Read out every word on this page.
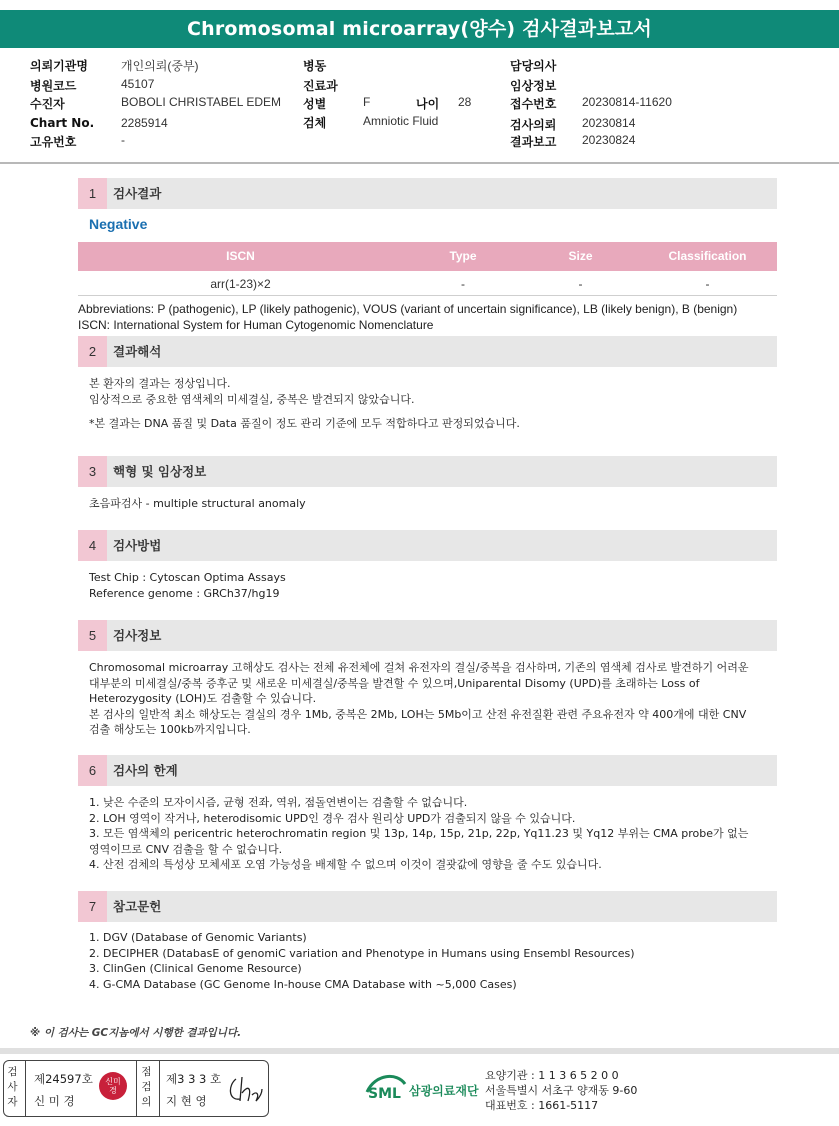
Chromosomal microarray(양수) 검사결과보고서
의뢰기관명	개인의뢰(중부)
병원코드	45107
수진자	BOBOLI CHRISTABEL EDEM
Chart No. 2285914
고유번호	-
병동
진료과
성별	F	나이 28
검체	Amniotic Fluid
담당의사
임상정보
접수번호 20230814-11620
검사의뢰 20230814
결과보고 20230824
1	검사결과
Negative
ISCN	Type	Size	Classification
arr(1-23)×2	-	-	-
Abbreviations: P (pathogenic), LP (likely pathogenic), VOUS (variant of uncertain significance), LB (likely benign), B (benign)
ISCN: International System for Human Cytogenomic Nomenclature
2	결과해석
본 환자의 결과는 정상입니다.
임상적으로 중요한 염색체의 미세결실, 중복은 발견되지 않았습니다.
*본 결과는 DNA 품질 및 Data 품질이 정도 관리 기준에 모두 적합하다고 판정되었습니다.
3	핵형 및 임상정보
초음파검사 - multiple structural anomaly
4	검사방법
Test Chip : Cytoscan Optima Assays
Reference genome : GRCh37/hg19
5	검사정보
Chromosomal microarray 고해상도 검사는 전체 유전체에 걸쳐 유전자의 결실/중복을 검사하며, 기존의 염색체 검사로 발견하기 어려운
대부분의 미세결실/중복 증후군 및 새로운 미세결실/중복을 발견할 수 있으며,Uniparental Disomy (UPD)를 초래하는 Loss of
Heterozygosity (LOH)도 검출할 수 있습니다.
본 검사의 일반적 최소 해상도는 결실의 경우 1Mb, 중복은 2Mb, LOH는 5Mb이고 산전 유전질환 관련 주요유전자 약 400개에 대한 CNV
검출 해상도는 100kb까지입니다.
6	검사의 한계
1. 낮은 수준의 모자이시즘, 균형 전좌, 역위, 점돌연변이는 검출할 수 없습니다.
2. LOH 영역이 작거나, heterodisomic UPD인 경우 검사 원리상 UPD가 검출되지 않을 수 있습니다.
3. 모든 염색체의 pericentric heterochromatin region 및 13p, 14p, 15p, 21p, 22p, Yq11.23 및 Yq12 부위는 CMA probe가 없는
영역이므로 CNV 검출을 할 수 없습니다.
4. 산전 검체의 특성상 모체세포 오염 가능성을 배제할 수 없으며 이것이 결괏값에 영향을 줄 수도 있습니다.
7	참고문헌
1. DGV (Database of Genomic Variants)
2. DECIPHER (DatabasE of genomiC variation and Phenotype in Humans using Ensembl Resources)
3. ClinGen (Clinical Genome Resource)
4. G-CMA Database (GC Genome In-house CMA Database with ~5,000 Cases)
※ 이 검사는 GC지놈에서 시행한 결과입니다.
검사자
제24597호
신 미 경
신미경
점검의
제3 3 3 호
지 현 영	SML 삼광의료재단
요양기관 : 1 1 3 6 5 2 0 0
서울특별시 서초구 양재동 9-60
대표번호 : 1661-5117
